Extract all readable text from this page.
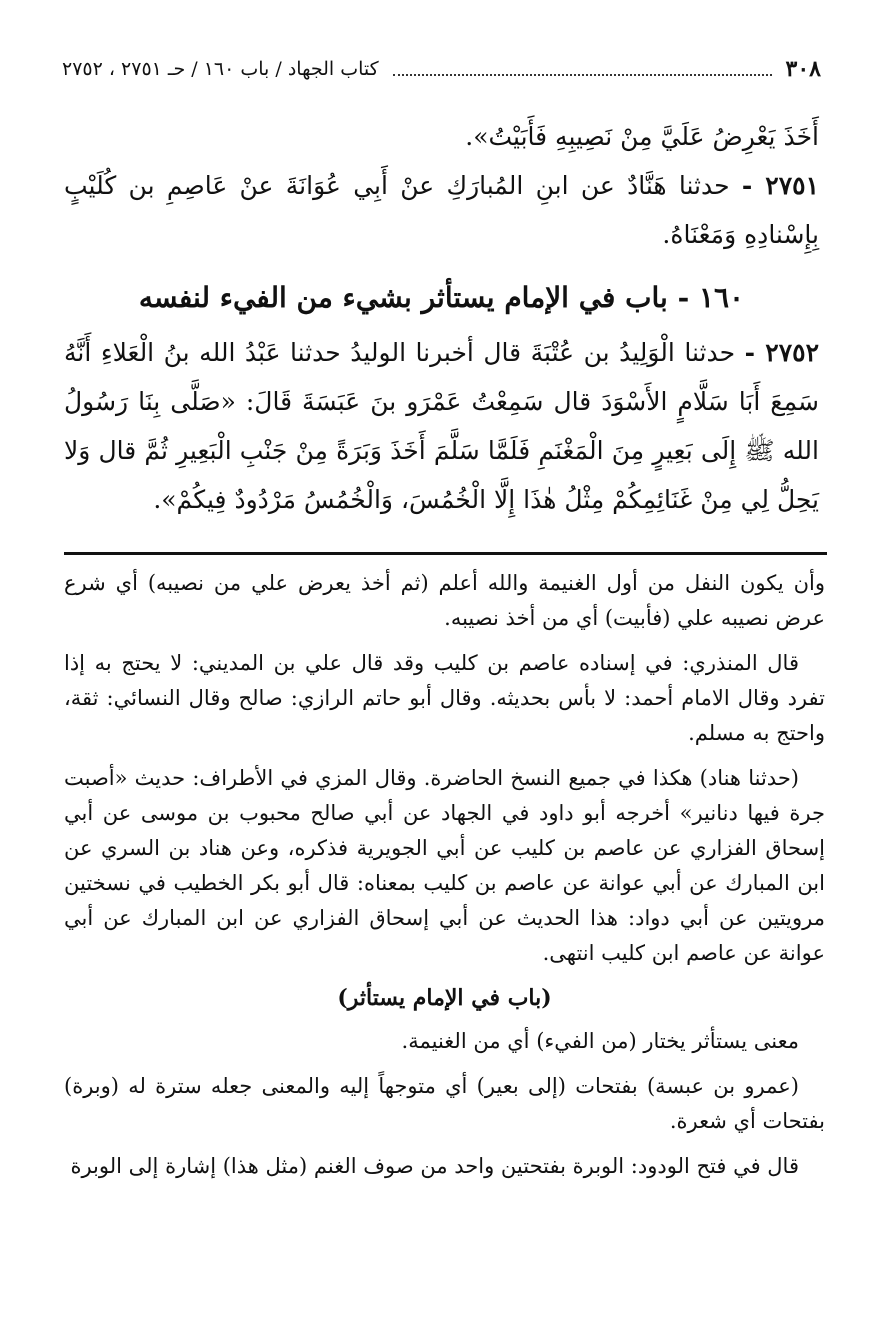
٣٠٨
كتاب الجهاد / باب ١٦٠ / حـ ٢٧٥١ ، ٢٧٥٢

أَخَذَ يَعْرِضُ عَلَيَّ مِنْ نَصِيبِهِ فَأَبَيْتُ».

٢٧٥١ - حدثنا هَنَّادٌ عن ابنِ المُبارَكِ عنْ أَبِي عُوَانَةَ عنْ عَاصِمِ بن كُلَيْبٍ بِإِسْنادِهِ وَمَعْنَاهُ.

١٦٠ - باب في الإمام يستأثر بشيء من الفيء لنفسه

٢٧٥٢ - حدثنا الْوَلِيدُ بن عُتْبَةَ قال أخبرنا الوليدُ حدثنا عَبْدُ الله بنُ الْعَلاءِ أَنَّهُ سَمِعَ أَبَا سَلَّامٍ الأَسْوَدَ قال سَمِعْتُ عَمْرَو بنَ عَبَسَةَ قَالَ: «صَلَّى بِنَا رَسُولُ الله ﷺ إِلَى بَعِيرٍ مِنَ الْمَغْنَمِ فَلَمَّا سَلَّمَ أَخَذَ وَبَرَةً مِنْ جَنْبِ الْبَعِيرِ ثُمَّ قال وَلا يَحِلُّ لِي مِنْ غَنَائِمِكُمْ مِثْلُ هٰذَا إِلَّا الْخُمُسَ، وَالْخُمُسُ مَرْدُودٌ فِيكُمْ».

وأن يكون النفل من أول الغنيمة والله أعلم (ثم أخذ يعرض علي من نصيبه) أي شرع عرض نصيبه علي (فأبيت) أي من أخذ نصيبه.

قال المنذري: في إسناده عاصم بن كليب وقد قال علي بن المديني: لا يحتج به إذا تفرد وقال الامام أحمد: لا بأس بحديثه. وقال أبو حاتم الرازي: صالح وقال النسائي: ثقة، واحتج به مسلم.

(حدثنا هناد) هكذا في جميع النسخ الحاضرة. وقال المزي في الأطراف: حديث «أصبت جرة فيها دنانير» أخرجه أبو داود في الجهاد عن أبي صالح محبوب بن موسى عن أبي إسحاق الفزاري عن عاصم بن كليب عن أبي الجويرية فذكره، وعن هناد بن السري عن ابن المبارك عن أبي عوانة عن عاصم بن كليب بمعناه: قال أبو بكر الخطيب في نسختين مرويتين عن أبي دواد: هذا الحديث عن أبي إسحاق الفزاري عن ابن المبارك عن أبي عوانة عن عاصم ابن كليب انتهى.

(باب في الإمام يستأثر)

معنى يستأثر يختار (من الفيء) أي من الغنيمة.

(عمرو بن عبسة) بفتحات (إلى بعير) أي متوجهاً إليه والمعنى جعله سترة له (وبرة) بفتحات أي شعرة.

قال في فتح الودود: الوبرة بفتحتين واحد من صوف الغنم (مثل هذا) إشارة إلى الوبرة
